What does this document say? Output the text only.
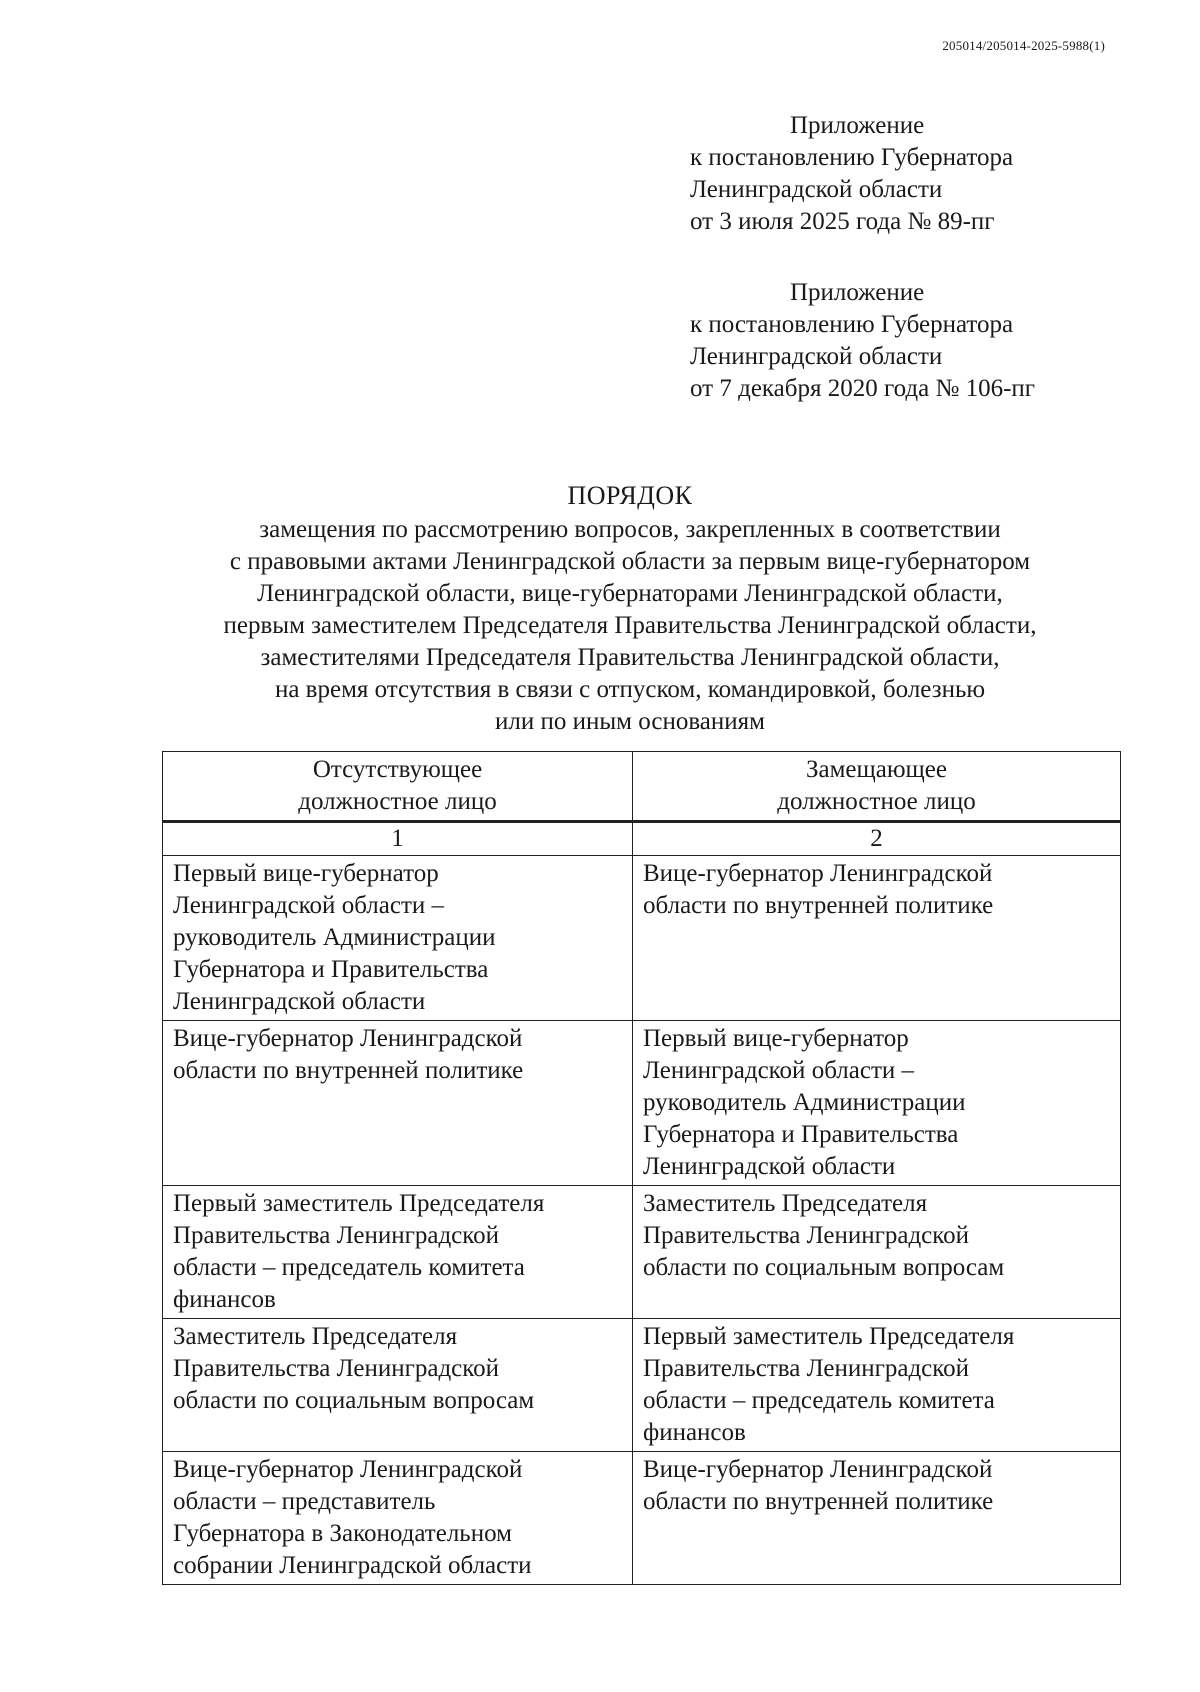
205014/205014-2025-5988(1)
Приложение
к постановлению Губернатора
Ленинградской области
от 3 июля 2025 года № 89-пг
Приложение
к постановлению Губернатора
Ленинградской области
от 7 декабря 2020 года № 106-пг
ПОРЯДОК
замещения по рассмотрению вопросов, закрепленных в соответствии
с правовыми актами Ленинградской области за первым вице-губернатором
Ленинградской области, вице-губернаторами Ленинградской области,
первым заместителем Председателя Правительства Ленинградской области,
заместителями Председателя Правительства Ленинградской области,
на время отсутствия в связи с отпуском, командировкой, болезнью
или по иным основаниям
Отсутствующее
должностное лицо	Замещающее
должностное лицо

1	2

Первый вице-губернатор
Ленинградской области –
руководитель Администрации
Губернатора и Правительства
Ленинградской области	Вице-губернатор Ленинградской
области по внутренней политике

Вице-губернатор Ленинградской
области по внутренней политике	Первый вице-губернатор
Ленинградской области –
руководитель Администрации
Губернатора и Правительства
Ленинградской области

Первый заместитель Председателя
Правительства Ленинградской
области – председатель комитета
финансов	Заместитель Председателя
Правительства Ленинградской
области по социальным вопросам

Заместитель Председателя
Правительства Ленинградской
области по социальным вопросам	Первый заместитель Председателя
Правительства Ленинградской
области – председатель комитета
финансов

Вице-губернатор Ленинградской
области – представитель
Губернатора в Законодательном
собрании Ленинградской области	Вице-губернатор Ленинградской
области по внутренней политике
